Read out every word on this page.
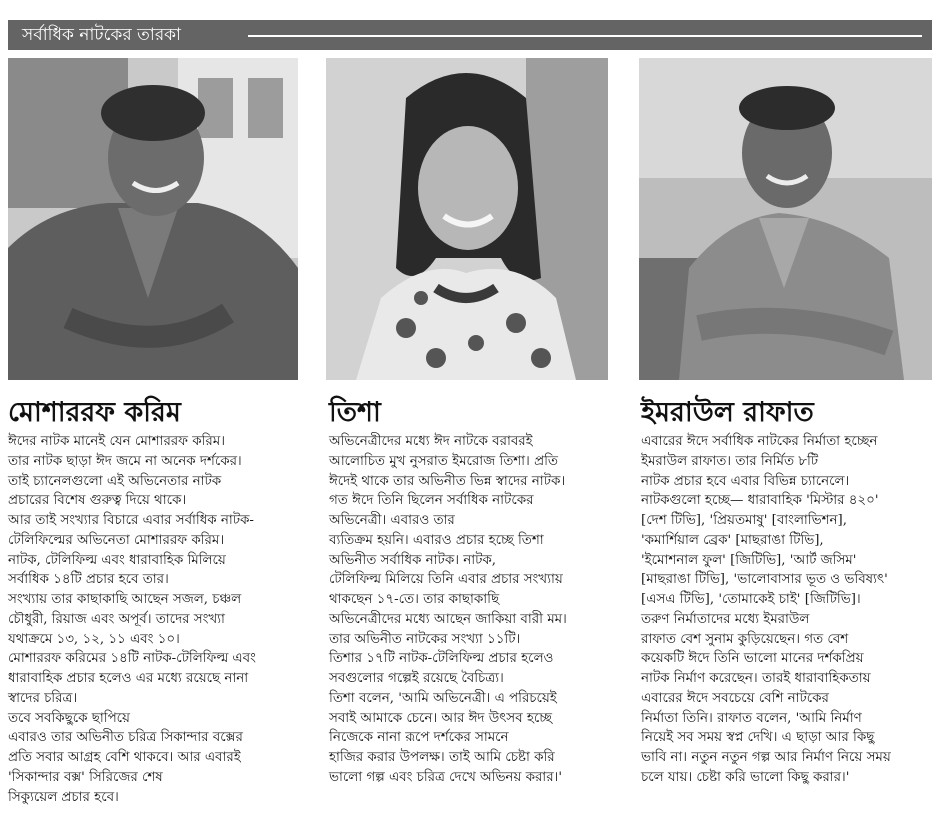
সর্বাধিক নাটকের তারকা
মোশাররফ করিম
ঈদের নাটক মানেই যেন মোশাররফ করিম।
তার নাটক ছাড়া ঈদ জমে না অনেক দর্শকের।
তাই চ্যানেলগুলো এই অভিনেতার নাটক
প্রচারের বিশেষ গুরুত্ব দিয়ে থাকে।
আর তাই সংখ্যার বিচারে এবার সর্বাধিক নাটক-
টেলিফিল্মের অভিনেতা মোশাররফ করিম।
নাটক, টেলিফিল্ম এবং ধারাবাহিক মিলিয়ে
সর্বাধিক ১৪টি প্রচার হবে তার।
সংখ্যায় তার কাছাকাছি আছেন সজল, চঞ্চল
চৌধুরী, রিয়াজ এবং অপূর্ব। তাদের সংখ্যা
যথাক্রমে ১৩, ১২, ১১ এবং ১০।
মোশাররফ করিমের ১৪টি নাটক-টেলিফিল্ম এবং
ধারাবাহিক প্রচার হলেও এর মধ্যে রয়েছে নানা
স্বাদের চরিত্র।
তবে সবকিছুকে ছাপিয়ে
এবারও তার অভিনীত চরিত্র সিকান্দার বক্সের
প্রতি সবার আগ্রহ বেশি থাকবে। আর এবারই
'সিকান্দার বক্স' সিরিজের শেষ
সিক্যুয়েল প্রচার হবে।
তিশা
অভিনেত্রীদের মধ্যে ঈদ নাটকে বরাবরই
আলোচিত মুখ নুসরাত ইমরোজ তিশা। প্রতি
ঈদেই থাকে তার অভিনীত ভিন্ন স্বাদের নাটক।
গত ঈদে তিনি ছিলেন সর্বাধিক নাটকের
অভিনেত্রী। এবারও তার
ব্যতিক্রম হয়নি। এবারও প্রচার হচ্ছে তিশা
অভিনীত সর্বাধিক নাটক। নাটক,
টেলিফিল্ম মিলিয়ে তিনি এবার প্রচার সংখ্যায়
থাকছেন ১৭-তে। তার কাছাকাছি
অভিনেত্রীদের মধ্যে আছেন জাকিয়া বারী মম।
তার অভিনীত নাটকের সংখ্যা ১১টি।
তিশার ১৭টি নাটক-টেলিফিল্ম প্রচার হলেও
সবগুলোর গল্পেই রয়েছে বৈচিত্র্য।
তিশা বলেন, 'আমি অভিনেত্রী। এ পরিচয়েই
সবাই আমাকে চেনে। আর ঈদ উৎসব হচ্ছে
নিজেকে নানা রূপে দর্শকের সামনে
হাজির করার উপলক্ষ। তাই আমি চেষ্টা করি
ভালো গল্প এবং চরিত্র দেখে অভিনয় করার।'
ইমরাউল রাফাত
এবারের ঈদে সর্বাধিক নাটকের নির্মাতা হচ্ছেন
ইমরাউল রাফাত। তার নির্মিত ৮টি
নাটক প্রচার হবে এবার বিভিন্ন চ্যানেলে।
নাটকগুলো হচ্ছে— ধারাবাহিক 'মিস্টার ৪২০'
[দেশ টিভি], 'প্রিয়তমাষু' [বাংলাভিশন],
'কমার্শিয়াল ব্রেক' [মাছরাঙা টিভি],
'ইমোশনাল ফুল' [জিটিভি], 'আর্ট জসিম'
[মাছরাঙা টিভি], 'ভালোবাসার ভূত ও ভবিষ্যৎ'
[এসএ টিভি], 'তোমাকেই চাই' [জিটিভি]।
তরুণ নির্মাতাদের মধ্যে ইমরাউল
রাফাত বেশ সুনাম কুড়িয়েছেন। গত বেশ
কয়েকটি ঈদে তিনি ভালো মানের দর্শকপ্রিয়
নাটক নির্মাণ করেছেন। তারই ধারাবাহিকতায়
এবারের ঈদে সবচেয়ে বেশি নাটকের
নির্মাতা তিনি। রাফাত বলেন, 'আমি নির্মাণ
নিয়েই সব সময় স্বপ্ন দেখি। এ ছাড়া আর কিছু
ভাবি না। নতুন নতুন গল্প আর নির্মাণ নিয়ে সময়
চলে যায়। চেষ্টা করি ভালো কিছু করার।'
